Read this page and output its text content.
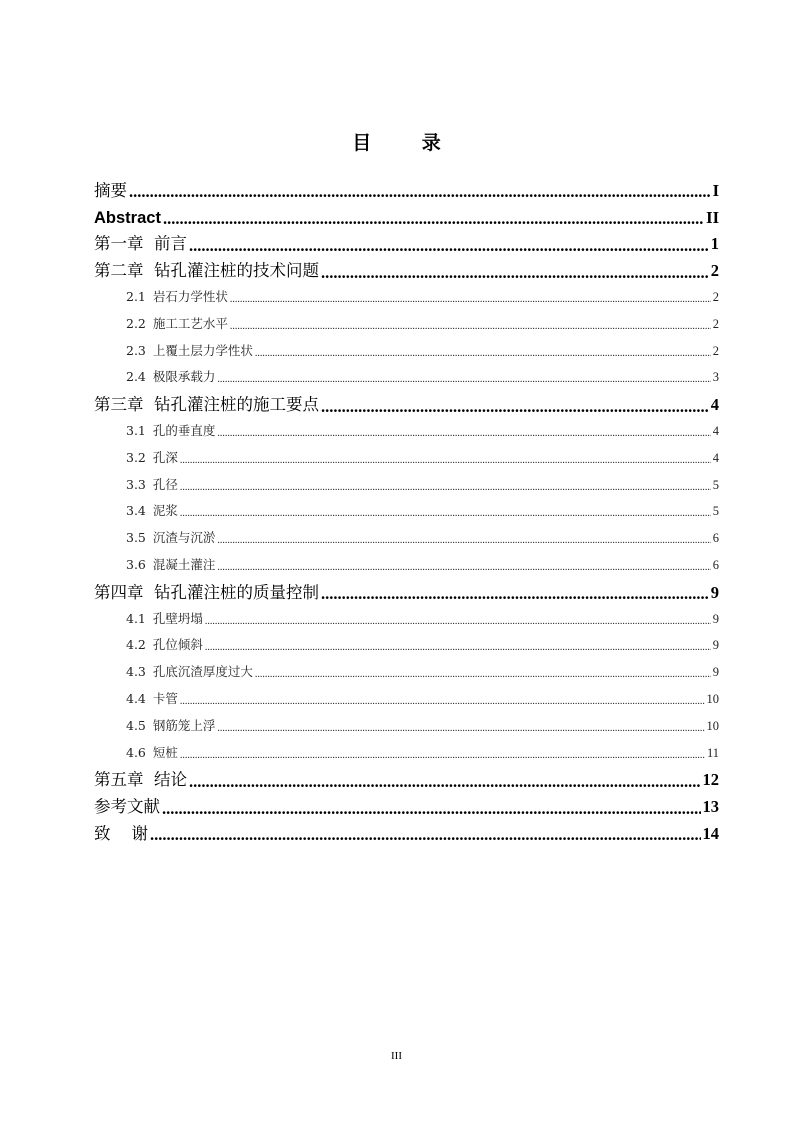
目 录
摘要 .....	I
Abstract .....	II
第一章  前言 .....	1
第二章  钻孔灌注桩的技术问题 .....	2
2.1 岩石力学性状 .....	2
2.2 施工工艺水平 .....	2
2.3 上覆土层力学性状 .....	2
2.4 极限承载力 .....	3
第三章  钻孔灌注桩的施工要点 .....	4
3.1 孔的垂直度 .....	4
3.2 孔深 .....	4
3.3 孔径 .....	5
3.4 泥浆 .....	5
3.5 沉渣与沉淤 .....	6
3.6 混凝土灌注 .....	6
第四章  钻孔灌注桩的质量控制 .....	9
4.1 孔壁坍塌 .....	9
4.2 孔位倾斜 .....	9
4.3 孔底沉渣厚度过大 .....	9
4.4 卡管 .....	10
4.5 钢筋笼上浮 .....	10
4.6 短桩 .....	11
第五章  结论 .....	12
参考文献 .....	13
致    谢 .....	14
III
